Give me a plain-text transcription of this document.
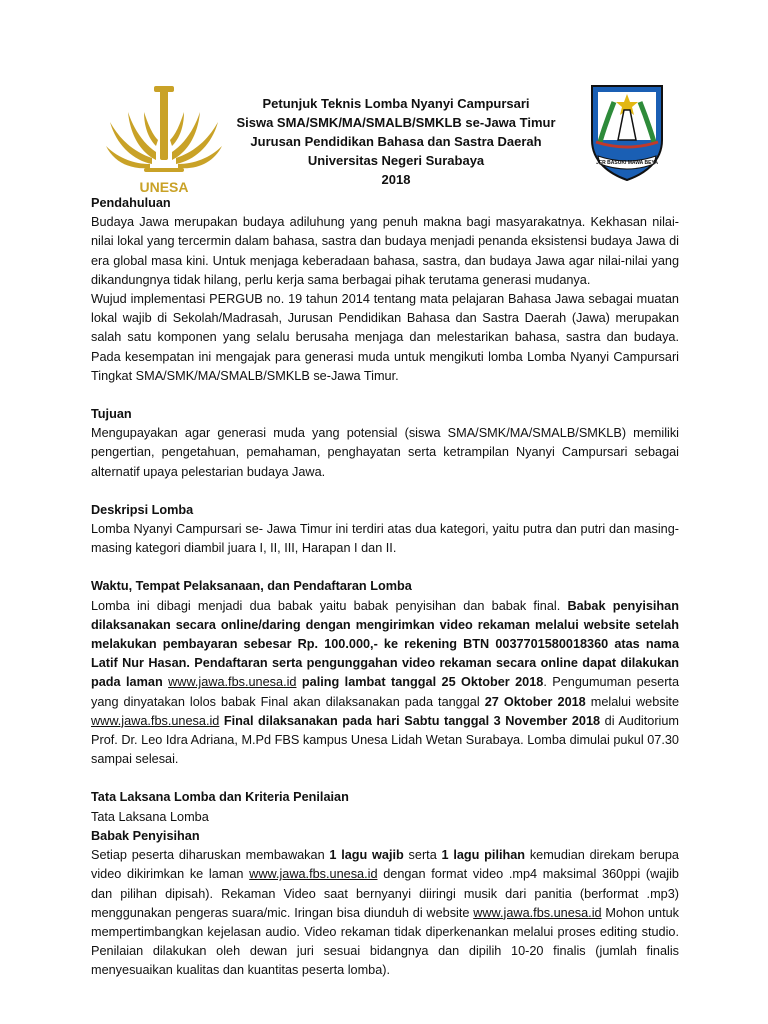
UNESA
JER BASUKI MAWA BEYA
Petunjuk Teknis Lomba Nyanyi Campursari
Siswa SMA/SMK/MA/SMALB/SMKLB se-Jawa Timur
Jurusan Pendidikan Bahasa dan Sastra Daerah
Universitas Negeri Surabaya
2018
Pendahuluan

Budaya Jawa merupakan budaya adiluhung yang penuh makna bagi masyarakatnya. Kekhasan nilai-nilai lokal yang tercermin dalam bahasa, sastra dan budaya menjadi penanda eksistensi budaya Jawa di era global masa kini. Untuk menjaga keberadaan bahasa, sastra, dan budaya Jawa agar nilai-nilai yang dikandungnya tidak hilang, perlu kerja sama berbagai pihak terutama generasi mudanya.

Wujud implementasi PERGUB no. 19 tahun 2014 tentang mata pelajaran Bahasa Jawa sebagai muatan lokal wajib di Sekolah/Madrasah, Jurusan Pendidikan Bahasa dan Sastra Daerah (Jawa) merupakan salah satu komponen yang selalu berusaha menjaga dan melestarikan bahasa, sastra dan budaya. Pada kesempatan ini mengajak para generasi muda untuk mengikuti lomba Lomba Nyanyi Campursari Tingkat SMA/SMK/MA/SMALB/SMKLB se-Jawa Timur.

Tujuan

Mengupayakan agar generasi muda yang potensial (siswa SMA/SMK/MA/SMALB/SMKLB) memiliki pengertian, pengetahuan, pemahaman, penghayatan serta ketrampilan Nyanyi Campursari sebagai alternatif upaya pelestarian budaya Jawa.

Deskripsi Lomba

Lomba Nyanyi Campursari se- Jawa Timur ini terdiri atas dua kategori, yaitu putra dan putri dan masing-masing kategori diambil juara I, II, III, Harapan I dan II.

Waktu, Tempat Pelaksanaan, dan Pendaftaran Lomba

Lomba ini dibagi menjadi dua babak yaitu babak penyisihan dan babak final. Babak penyisihan dilaksanakan secara online/daring dengan mengirimkan video rekaman melalui website setelah melakukan pembayaran sebesar Rp. 100.000,- ke rekening BTN 0037701580018360 atas nama Latif Nur Hasan. Pendaftaran serta pengunggahan video rekaman secara online dapat dilakukan pada laman www.jawa.fbs.unesa.id paling lambat tanggal 25 Oktober 2018. Pengumuman peserta yang dinyatakan lolos babak Final akan dilaksanakan pada tanggal 27 Oktober 2018 melalui website www.jawa.fbs.unesa.id Final dilaksanakan pada hari Sabtu tanggal 3 November 2018 di Auditorium Prof. Dr. Leo Idra Adriana, M.Pd FBS kampus Unesa Lidah Wetan Surabaya. Lomba dimulai pukul 07.30 sampai selesai.

Tata Laksana Lomba dan Kriteria Penilaian
Tata Laksana Lomba
Babak Penyisihan

Setiap peserta diharuskan membawakan 1 lagu wajib serta 1 lagu pilihan kemudian direkam berupa video dikirimkan ke laman www.jawa.fbs.unesa.id dengan format video .mp4 maksimal 360ppi (wajib dan pilihan dipisah). Rekaman Video saat bernyanyi diiringi musik dari panitia (berformat .mp3) menggunakan pengeras suara/mic. Iringan bisa diunduh di website www.jawa.fbs.unesa.id Mohon untuk mempertimbangkan kejelasan audio. Video rekaman tidak diperkenankan melalui proses editing studio. Penilaian dilakukan oleh dewan juri sesuai bidangnya dan dipilih 10-20 finalis (jumlah finalis menyesuaikan kualitas dan kuantitas peserta lomba).
